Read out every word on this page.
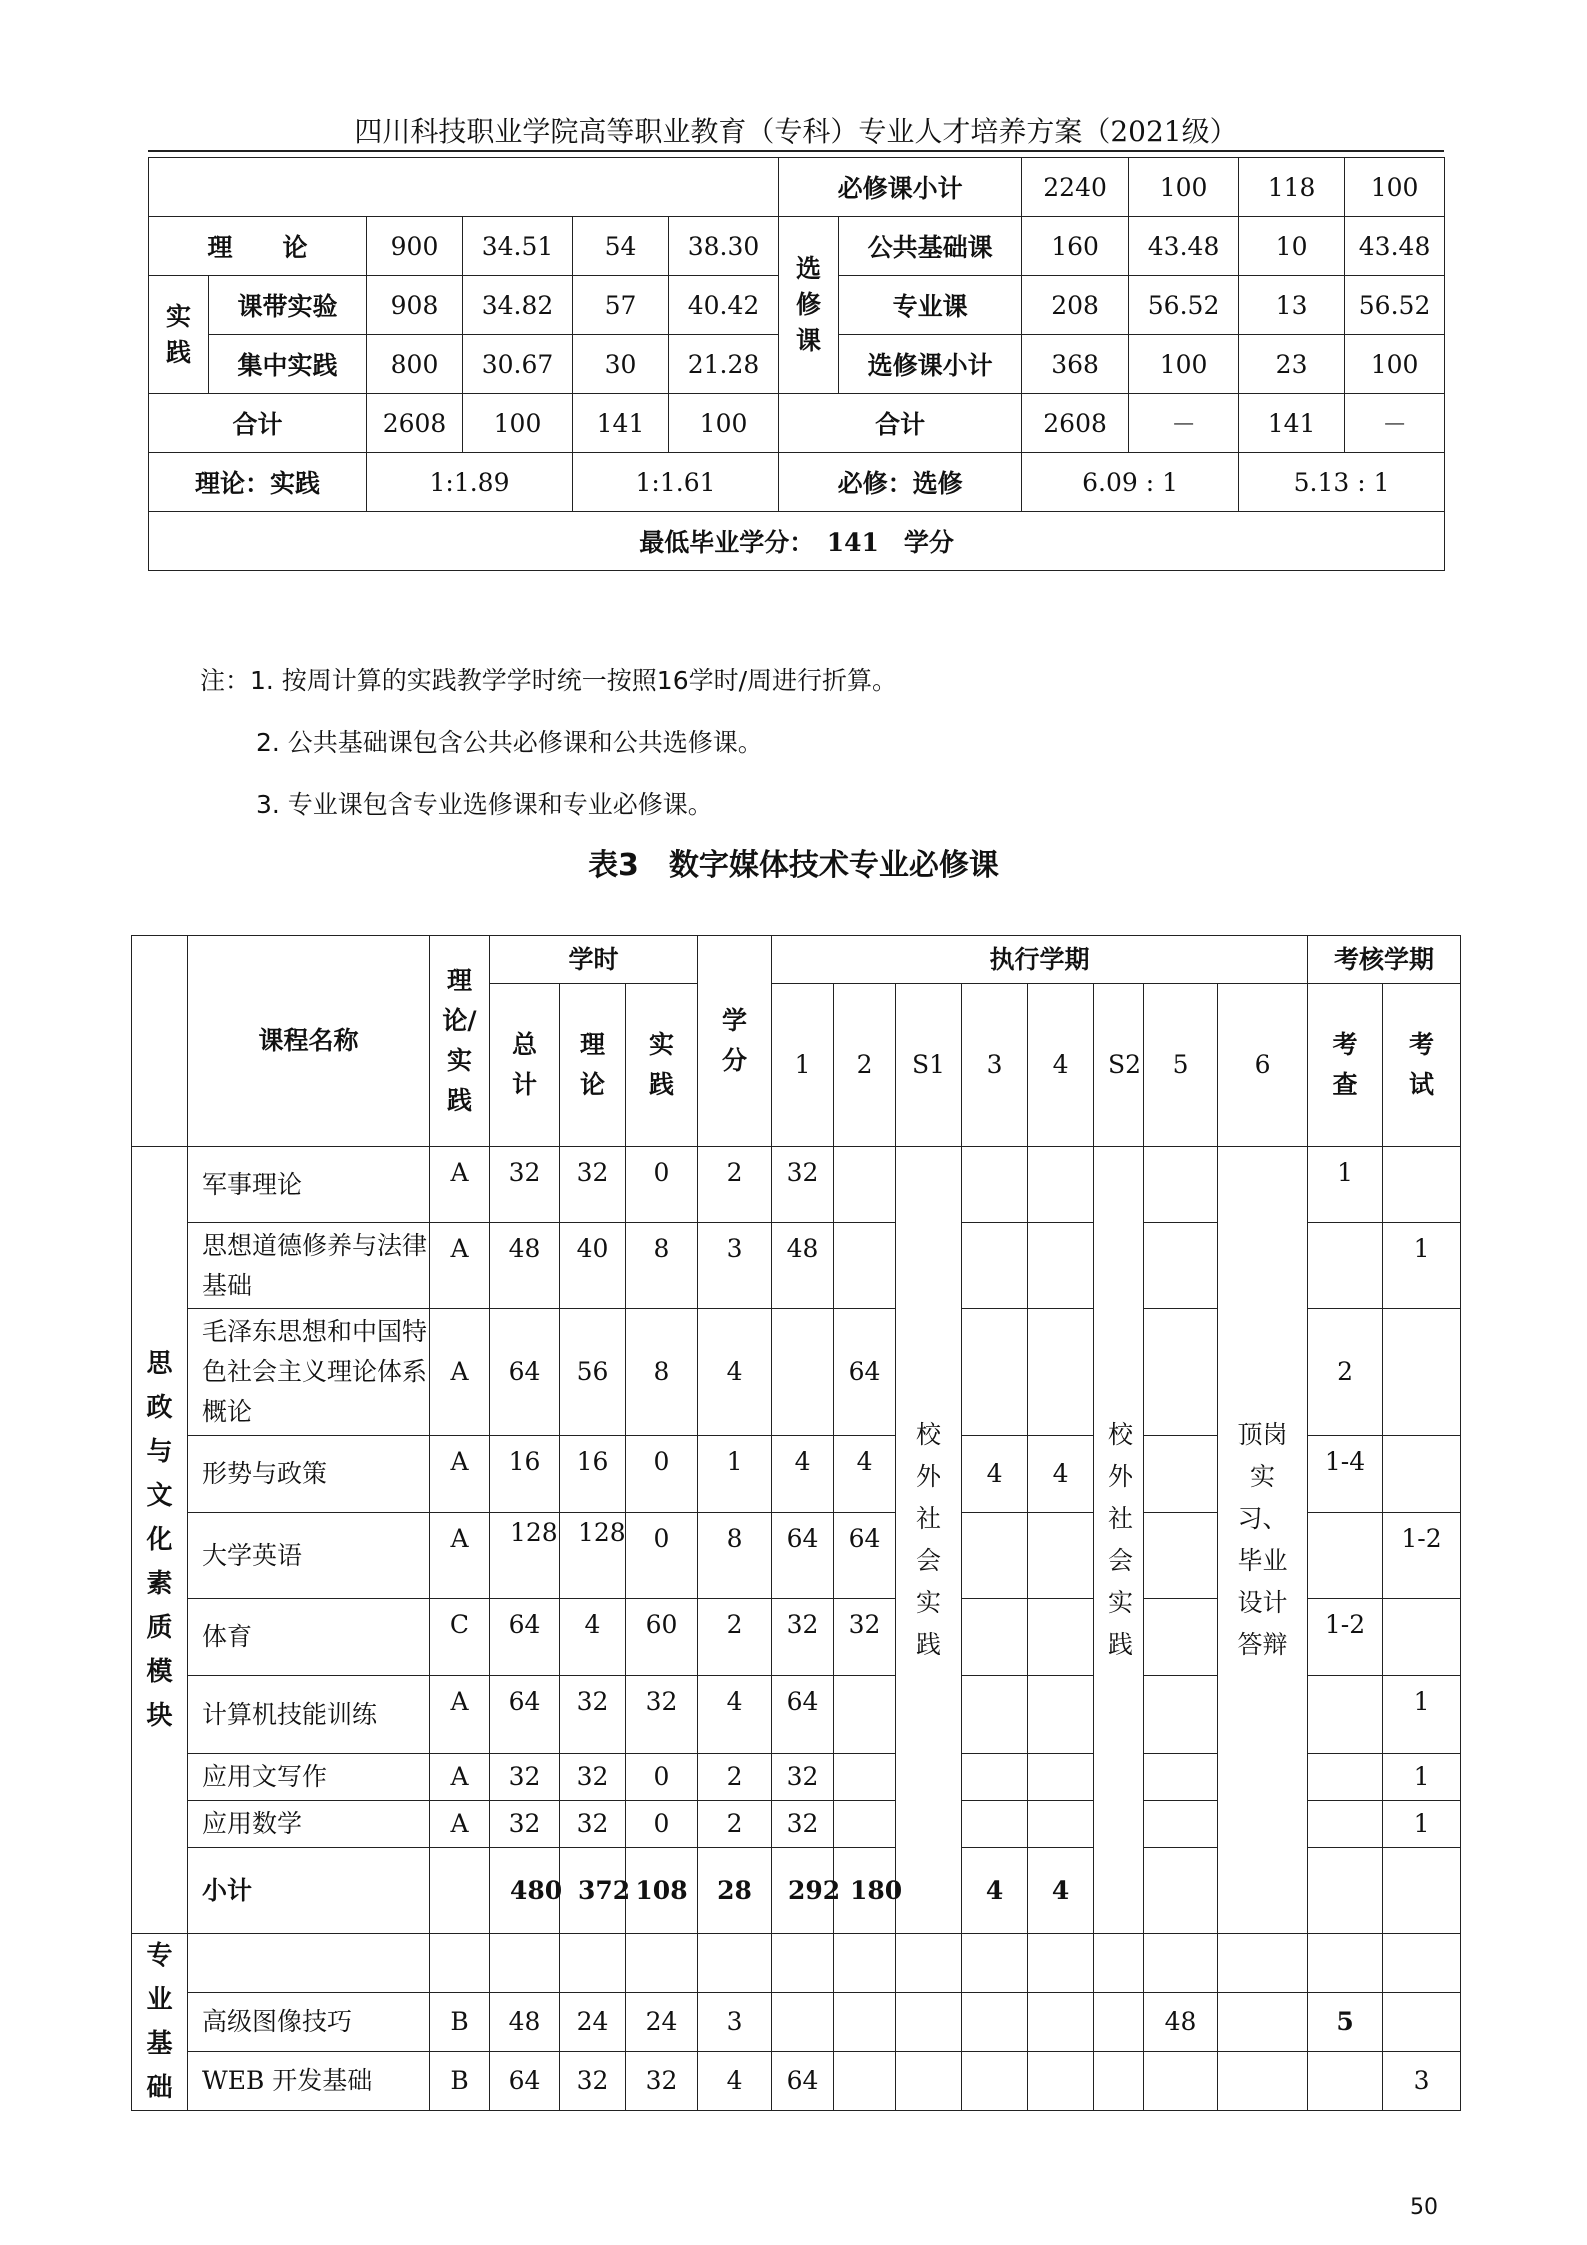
四川科技职业学院高等职业教育（专科）专业人才培养方案（2021级）
						必修课小计		2240	100	118	100
理　　论		900	34.51	54	38.30	选修课	公共基础课	160	43.48	10	43.48
实践	课带实验	908	34.82	57	40.42		专业课	208	56.52	13	56.52
	集中实践	800	30.67	30	21.28		选修课小计	368	100	23	100
合计		2608	100	141	100	合计		2608	－	141	－
理论：实践		1:1.89		1:1.61		必修：选修		6.09 : 1		5.13 : 1	
最低毕业学分：　141　学分											
注：1. 按周计算的实践教学学时统一按照16学时/周进行折算。
2. 公共基础课包含公共必修课和公共选修课。
3. 专业课包含专业选修课和专业必修课。
表3　数字媒体技术专业必修课
	课程名称	理论/实践	学时			学分	执行学期								考核学期	
			总计	理论	实践		1	2	S1	3	4	S2	5	6	考查	考试
思政与文化素质模块	军事理论	A	32	32	0	2	32		校外社会实践			校外社会实践		顶岗实习、毕业设计答辩	1	
	思想道德修养与法律基础	A	48	40	8	3	48									1
	毛泽东思想和中国特色社会主义理论体系概论	A	64	56	8	4		64							2	
	形势与政策	A	16	16	0	1	4	4		4	4				1-4	
	大学英语	A	128	128	0	8	64	64								1-2
	体育	C	64	4	60	2	32	32							1-2	
	计算机技能训练	A	64	32	32	4	64									1
	应用文写作	A	32	32	0	2	32									1
	应用数学	A	32	32	0	2	32									1
	小计		480	372	108	28	292	180		4	4					
专业基础																
	高级图像技巧	B	48	24	24	3							48		5	
	WEB 开发基础	B	64	32	32	4	64									3
50
